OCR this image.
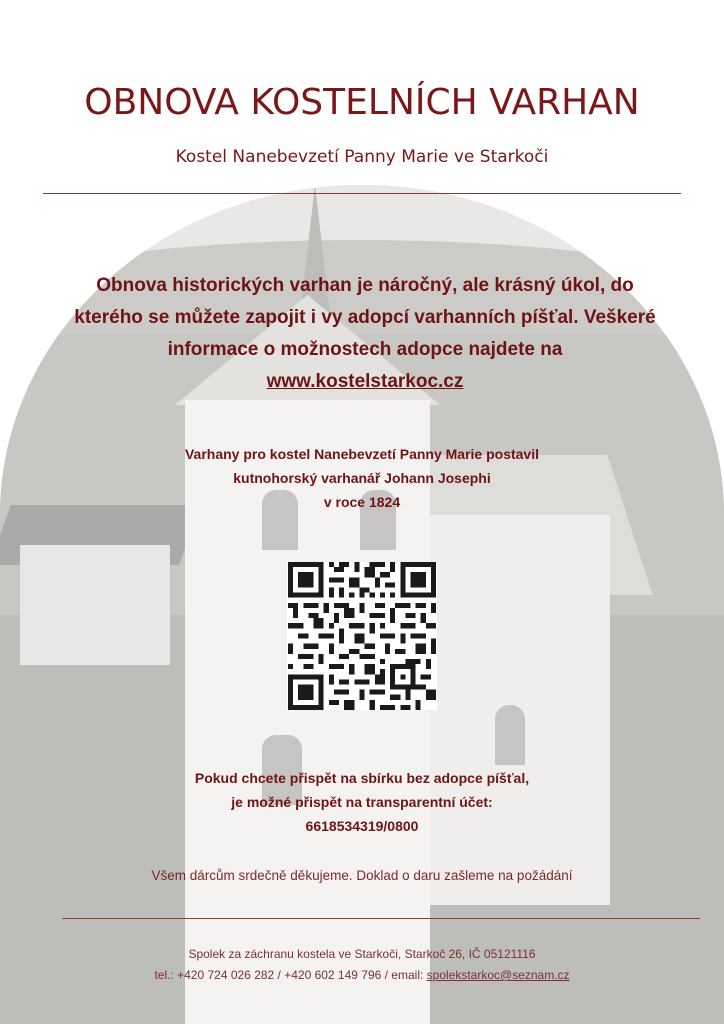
OBNOVA KOSTELNÍCH VARHAN
Kostel Nanebevzetí Panny Marie ve Starkoči

Obnova historických varhan je náročný, ale krásný úkol, do kterého se můžete zapojit i vy adopcí varhanních píšťal. Veškeré informace o možnostech adopce najdete na www.kostelstarkoc.cz

Varhany pro kostel Nanebevzetí Panny Marie postavil
kutnohorský varhanář Johann Josephi
v roce 1824
Pokud chcete přispět na sbírku bez adopce píšťal,
je možné přispět na transparentní účet:
6618534319/0800
Všem dárcům srdečně děkujeme. Doklad o daru zašleme na požádání
Spolek za záchranu kostela ve Starkoči, Starkoč 26, IČ 05121116
tel.: +420 724 026 282 / +420 602 149 796 / email: spolekstarkoc@seznam.cz
